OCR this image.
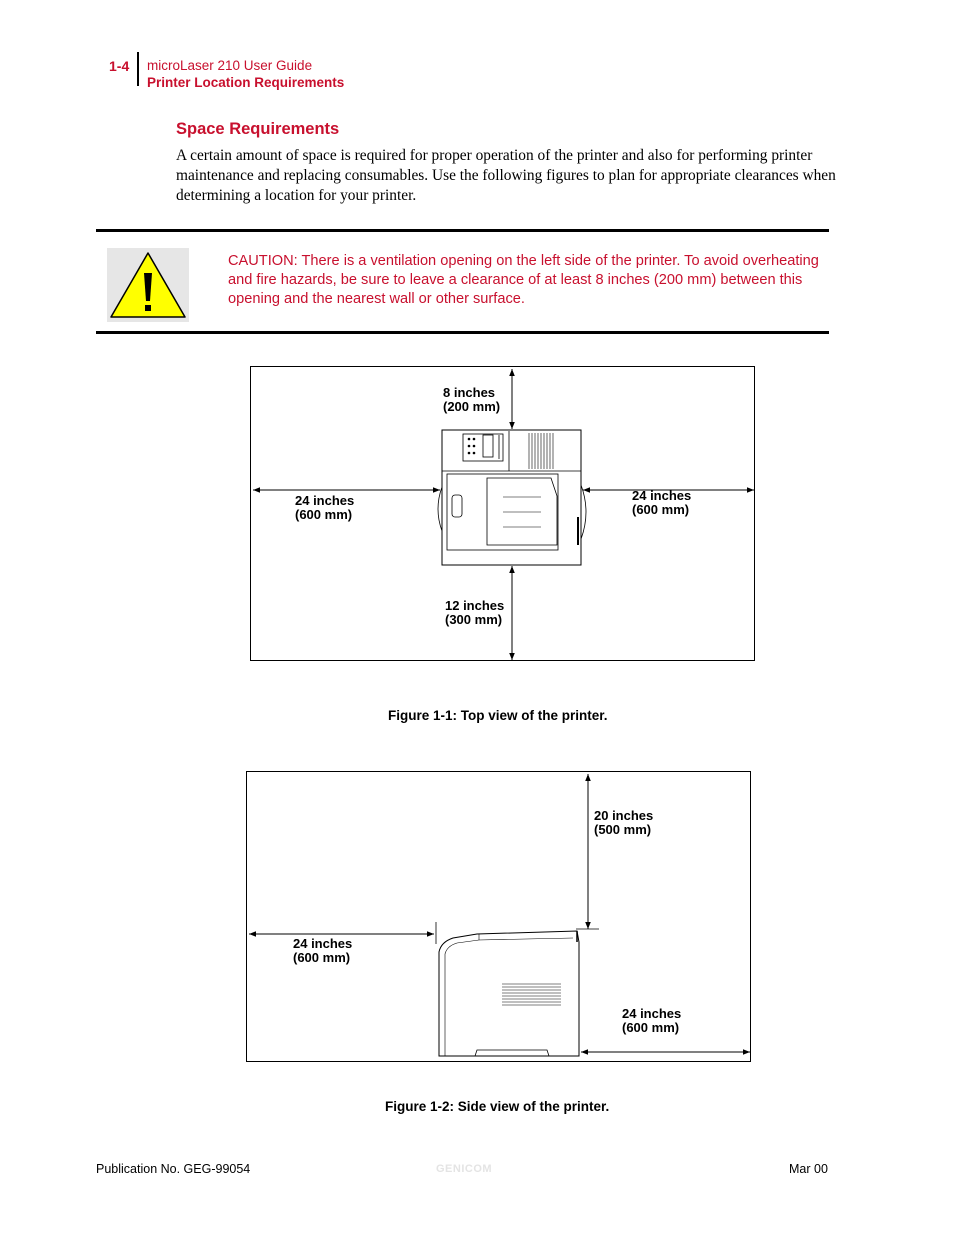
1-4 microLaser 210 User Guide
Printer Location Requirements
Space Requirements
A certain amount of space is required for proper operation of the printer and also for performing printer maintenance and replacing consumables. Use the following figures to plan for appropriate clearances when determining a location for your printer.
CAUTION: There is a ventilation opening on the left side of the printer. To avoid overheating and fire hazards, be sure to leave a clearance of at least 8 inches (200 mm) between this opening and the nearest wall or other surface.
8 inches
(200 mm)
24 inches
(600 mm)
24 inches
(600 mm)
12 inches
(300 mm)
Figure 1-1: Top view of the printer.
20 inches
(500 mm)
24 inches
(600 mm)
24 inches
(600 mm)
Figure 1-2: Side view of the printer.
Publication No. GEG-99054	GENICOM	Mar 00
